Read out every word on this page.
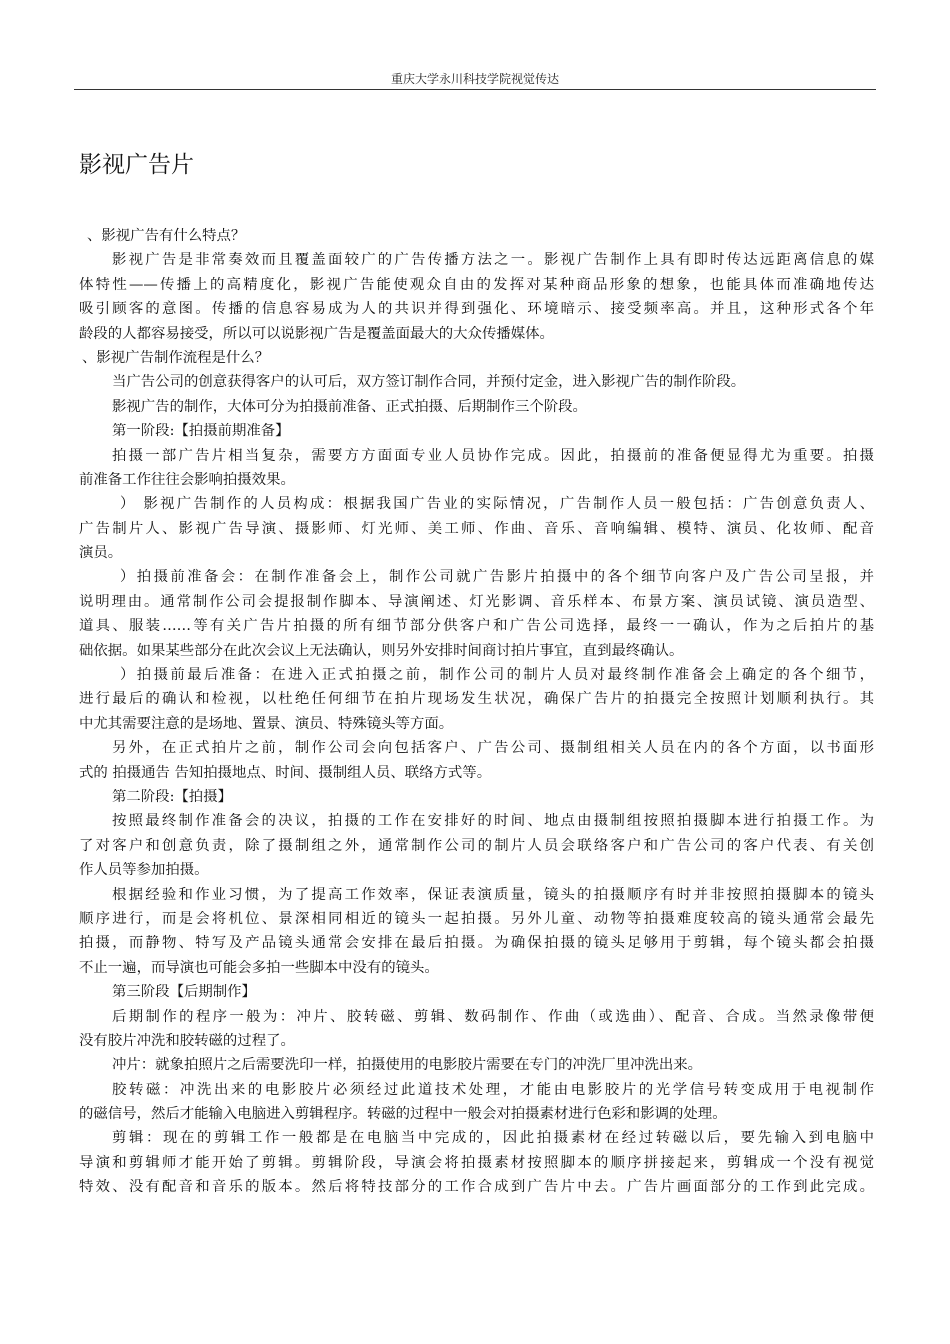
重庆大学永川科技学院视觉传达
影视广告片
、影视广告有什么特点？
影视广告是非常奏效而且覆盖面较广的广告传播方法之一。影视广告制作上具有即时传达远距离信息的媒
体特性——传播上的高精度化，影视广告能使观众自由的发挥对某种商品形象的想象，也能具体而准确地传达
吸引顾客的意图。传播的信息容易成为人的共识并得到强化、环境暗示、接受频率高。并且，这种形式各个年
龄段的人都容易接受，所以可以说影视广告是覆盖面最大的大众传播媒体。
、影视广告制作流程是什么？
当广告公司的创意获得客户的认可后，双方签订制作合同，并预付定金，进入影视广告的制作阶段。
影视广告的制作，大体可分为拍摄前准备、正式拍摄、后期制作三个阶段。
第一阶段:【拍摄前期准备】
拍摄一部广告片相当复杂，需要方方面面专业人员协作完成。因此，拍摄前的准备便显得尤为重要。拍摄
前准备工作往往会影响拍摄效果。
） 影视广告制作的人员构成：根据我国广告业的实际情况，广告制作人员一般包括：广告创意负责人、
广告制片人、影视广告导演、摄影师、灯光师、美工师、作曲、音乐、音响编辑、模特、演员、化妆师、配音
演员。
）拍摄前准备会：在制作准备会上，制作公司就广告影片拍摄中的各个细节向客户及广告公司呈报，并
说明理由。通常制作公司会提报制作脚本、导演阐述、灯光影调、音乐样本、布景方案、演员试镜、演员造型、
道具、服装……等有关广告片拍摄的所有细节部分供客户和广告公司选择，最终一一确认，作为之后拍片的基
础依据。如果某些部分在此次会议上无法确认，则另外安排时间商讨拍片事宜，直到最终确认。
）拍摄前最后准备：在进入正式拍摄之前，制作公司的制片人员对最终制作准备会上确定的各个细节，
进行最后的确认和检视，以杜绝任何细节在拍片现场发生状况，确保广告片的拍摄完全按照计划顺利执行。其
中尤其需要注意的是场地、置景、演员、特殊镜头等方面。
另外，在正式拍片之前，制作公司会向包括客户、广告公司、摄制组相关人员在内的各个方面，以书面形
式的 拍摄通告 告知拍摄地点、时间、摄制组人员、联络方式等。
第二阶段:【拍摄】
按照最终制作准备会的决议，拍摄的工作在安排好的时间、地点由摄制组按照拍摄脚本进行拍摄工作。为
了对客户和创意负责，除了摄制组之外，通常制作公司的制片人员会联络客户和广告公司的客户代表、有关创
作人员等参加拍摄。
根据经验和作业习惯，为了提高工作效率，保证表演质量，镜头的拍摄顺序有时并非按照拍摄脚本的镜头
顺序进行，而是会将机位、景深相同相近的镜头一起拍摄。另外儿童、动物等拍摄难度较高的镜头通常会最先
拍摄，而静物、特写及产品镜头通常会安排在最后拍摄。为确保拍摄的镜头足够用于剪辑，每个镜头都会拍摄
不止一遍，而导演也可能会多拍一些脚本中没有的镜头。
第三阶段【后期制作】
后期制作的程序一般为：冲片、胶转磁、剪辑、数码制作、作曲（或选曲）、配音、合成。当然录像带便
没有胶片冲洗和胶转磁的过程了。
冲片：就象拍照片之后需要洗印一样，拍摄使用的电影胶片需要在专门的冲洗厂里冲洗出来。
胶转磁：冲洗出来的电影胶片必须经过此道技术处理，才能由电影胶片的光学信号转变成用于电视制作
的磁信号，然后才能输入电脑进入剪辑程序。转磁的过程中一般会对拍摄素材进行色彩和影调的处理。
剪辑：现在的剪辑工作一般都是在电脑当中完成的，因此拍摄素材在经过转磁以后，要先输入到电脑中
导演和剪辑师才能开始了剪辑。剪辑阶段，导演会将拍摄素材按照脚本的顺序拼接起来，剪辑成一个没有视觉
特效、没有配音和音乐的版本。然后将特技部分的工作合成到广告片中去。广告片画面部分的工作到此完成。
